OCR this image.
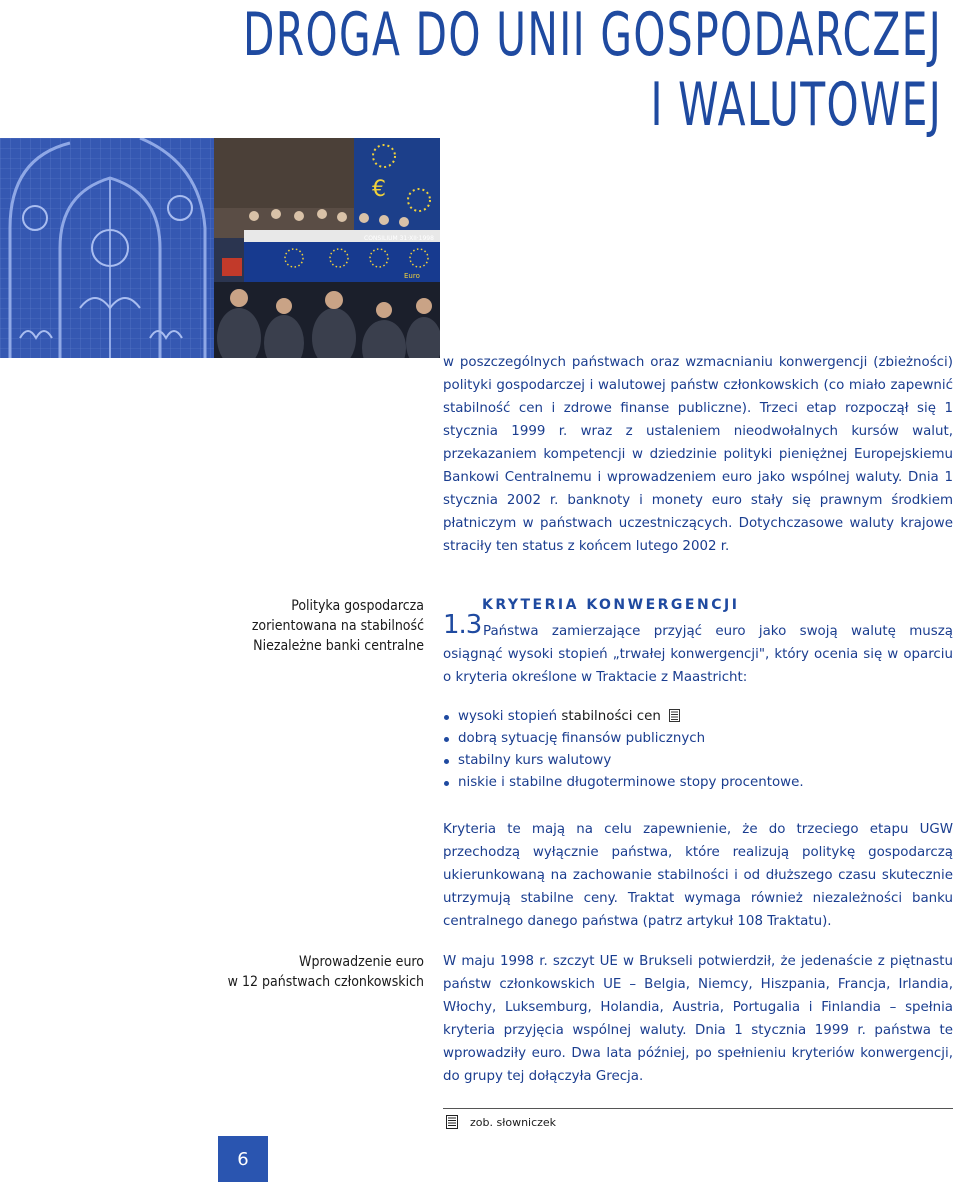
DROGA DO UNII GOSPODARCZEJ
I WALUTOWEJ
€
CONSILIUM 31·XII·1998
Euro
w poszczególnych państwach oraz wzmacnianiu konwergencji (zbieżności) polityki gospodarczej i walutowej państw członkowskich (co miało zapewnić stabilność cen i zdrowe finanse publiczne). Trzeci etap rozpoczął się 1 stycznia 1999 r. wraz z ustaleniem nieodwołalnych kursów walut, przekazaniem kompetencji w dziedzinie polityki pieniężnej Europejskiemu Bankowi Centralnemu i wprowadzeniem euro jako wspólnej waluty. Dnia 1 stycznia 2002 r. banknoty i monety euro stały się prawnym środkiem płatniczym w państwach uczestniczących. Dotychczasowe waluty krajowe straciły ten status z końcem lutego 2002 r.
Polityka gospodarcza
zorientowana na stabilność
Niezależne banki centralne
1.3
KRYTERIA KONWERGENCJI
Państwa zamierzające przyjąć euro jako swoją walutę muszą osiągnąć wysoki stopień „trwałej konwergencji", który ocenia się w oparciu o kryteria określone w Traktacie z Maastricht:
wysoki stopień stabilności cen
dobrą sytuację finansów publicznych
stabilny kurs walutowy
niskie i stabilne długoterminowe stopy procentowe.
Kryteria te mają na celu zapewnienie, że do trzeciego etapu UGW przechodzą wyłącznie państwa, które realizują politykę gospodarczą ukierunkowaną na zachowanie stabilności i od dłuższego czasu skutecznie utrzymują stabilne ceny. Traktat wymaga również niezależności banku centralnego danego państwa (patrz artykuł 108 Traktatu).
Wprowadzenie euro
w 12 państwach członkowskich
W maju 1998 r. szczyt UE w Brukseli potwierdził, że jedenaście z piętnastu państw członkowskich UE – Belgia, Niemcy, Hiszpania, Francja, Irlandia, Włochy, Luksemburg, Holandia, Austria, Portugalia i Finlandia – spełnia kryteria przyjęcia wspólnej waluty. Dnia 1 stycznia 1999 r. państwa te wprowadziły euro. Dwa lata później, po spełnieniu kryteriów konwergencji, do grupy tej dołączyła Grecja.
zob. słowniczek
6
